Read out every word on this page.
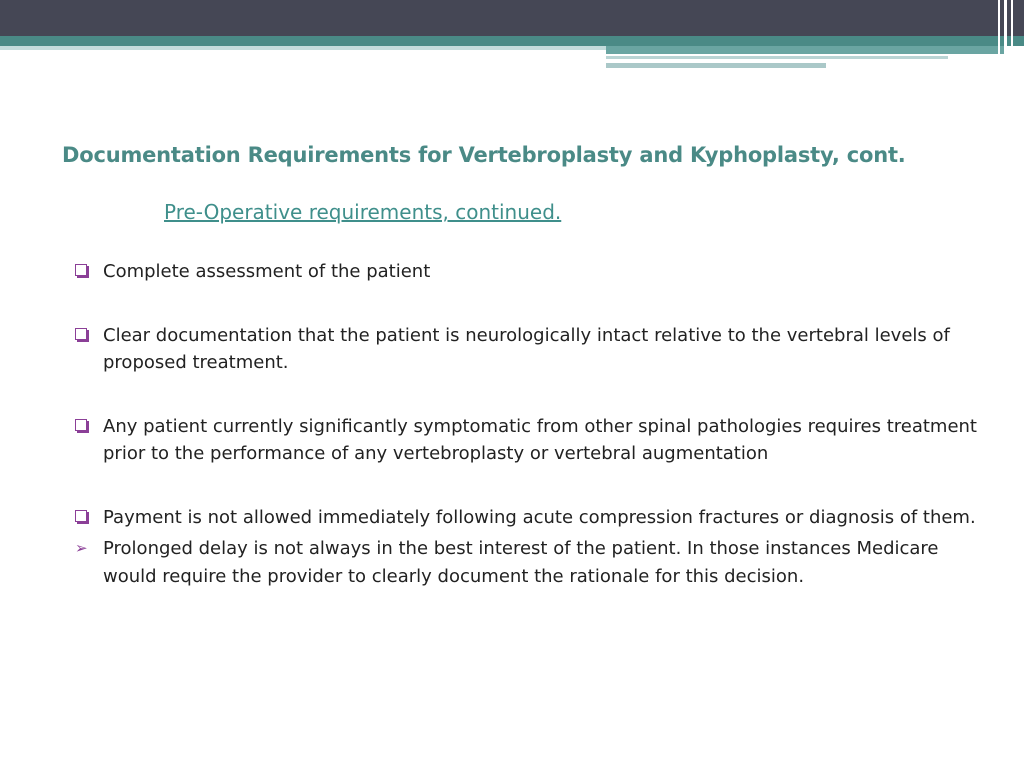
Documentation Requirements for Vertebroplasty and Kyphoplasty, cont.
Pre-Operative requirements, continued.
Complete assessment of the patient
Clear documentation that the patient is neurologically intact relative to the vertebral levels of proposed treatment.
Any patient currently significantly symptomatic from other spinal pathologies requires treatment prior to the performance of any vertebroplasty or vertebral augmentation
Payment is not allowed immediately following acute compression fractures or diagnosis of them.
➢ Prolonged delay is not always in the best interest of the patient. In those instances Medicare would require the provider to clearly document the rationale for this decision.
